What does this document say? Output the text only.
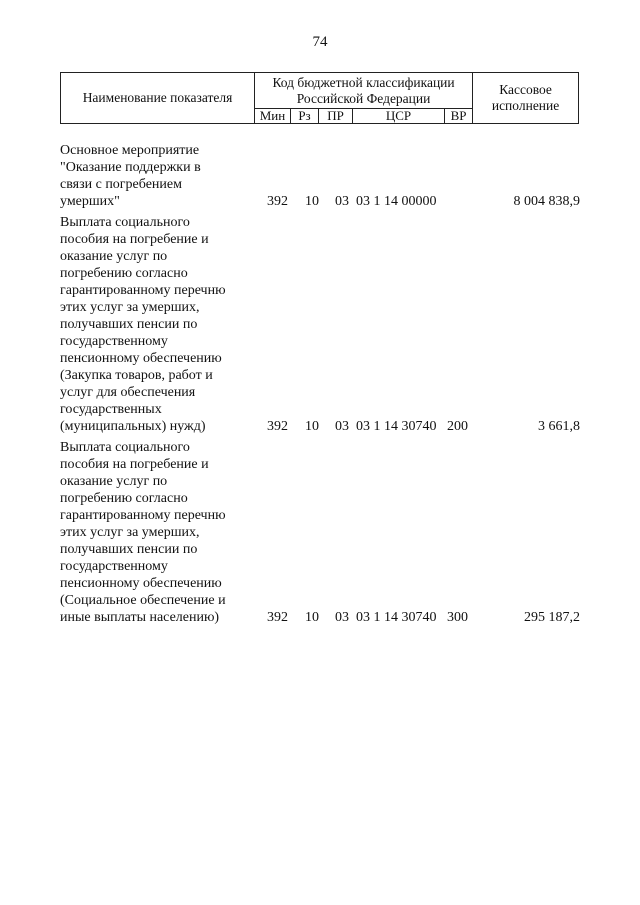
74
Наименование показателя	Код бюджетной классификации Российской Федерации					Кассовое исполнение
	Мин	Рз	ПР	ЦСР	ВР	
Основное мероприятие
"Оказание поддержки в
связи с погребением
умерших"	392 10 03 03 1 14 00000	8 004 838,9
Выплата социального
пособия на погребение и
оказание услуг по
погребению согласно
гарантированному перечню
этих услуг за умерших,
получавших пенсии по
государственному
пенсионному обеспечению
(Закупка товаров, работ и
услуг для обеспечения
государственных
(муниципальных) нужд)	392 10 03 03 1 14 30740 200	3 661,8
Выплата социального
пособия на погребение и
оказание услуг по
погребению согласно
гарантированному перечню
этих услуг за умерших,
получавших пенсии по
государственному
пенсионному обеспечению
(Социальное обеспечение и
иные выплаты населению)	392 10 03 03 1 14 30740 300	295 187,2
